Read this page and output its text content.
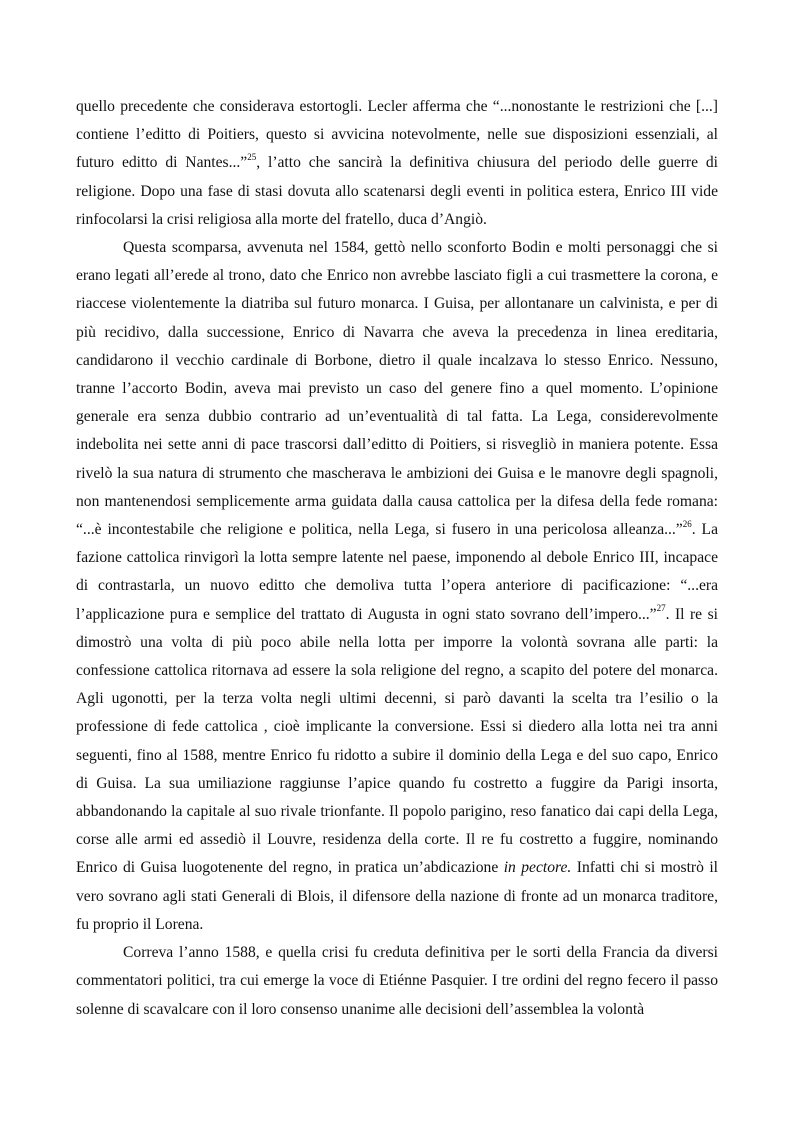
quello precedente che considerava estortogli. Lecler afferma che “...nonostante le restrizioni che [...] contiene l’editto di Poitiers, questo si avvicina notevolmente, nelle sue disposizioni essenziali, al futuro editto di Nantes...”$^{25}$, l’atto che sancirà la definitiva chiusura del periodo delle guerre di religione. Dopo una fase di stasi dovuta allo scatenarsi degli eventi in politica estera, Enrico III vide rinfocolarsi la crisi religiosa alla morte del fratello, duca d’Angiò.

Questa scomparsa, avvenuta nel 1584, gettò nello sconforto Bodin e molti personaggi che si erano legati all’erede al trono, dato che Enrico non avrebbe lasciato figli a cui trasmettere la corona, e riaccese violentemente la diatriba sul futuro monarca. I Guisa, per allontanare un calvinista, e per di più recidivo, dalla successione, Enrico di Navarra che aveva la precedenza in linea ereditaria, candidarono il vecchio cardinale di Borbone, dietro il quale incalzava lo stesso Enrico. Nessuno, tranne l’accorto Bodin, aveva mai previsto un caso del genere fino a quel momento. L’opinione generale era senza dubbio contrario ad un’eventualità di tal fatta. La Lega, considerevolmente indebolita nei sette anni di pace trascorsi dall’editto di Poitiers, si risvegliò in maniera potente. Essa rivelò la sua natura di strumento che mascherava le ambizioni dei Guisa e le manovre degli spagnoli, non mantenendosi semplicemente arma guidata dalla causa cattolica per la difesa della fede romana: “...è incontestabile che religione e politica, nella Lega, si fusero in una pericolosa alleanza...”$^{26}$. La fazione cattolica rinvigorì la lotta sempre latente nel paese, imponendo al debole Enrico III, incapace di contrastarla, un nuovo editto che demoliva tutta l’opera anteriore di pacificazione: “...era l’applicazione pura e semplice del trattato di Augusta in ogni stato sovrano dell’impero...”$^{27}$. Il re si dimostrò una volta di più poco abile nella lotta per imporre la volontà sovrana alle parti: la confessione cattolica ritornava ad essere la sola religione del regno, a scapito del potere del monarca. Agli ugonotti, per la terza volta negli ultimi decenni, si parò davanti la scelta tra l’esilio o la professione di fede cattolica , cioè implicante la conversione. Essi si diedero alla lotta nei tra anni seguenti, fino al 1588, mentre Enrico fu ridotto a subire il dominio della Lega e del suo capo, Enrico di Guisa. La sua umiliazione raggiunse l’apice quando fu costretto a fuggire da Parigi insorta, abbandonando la capitale al suo rivale trionfante. Il popolo parigino, reso fanatico dai capi della Lega, corse alle armi ed assediò il Louvre, residenza della corte. Il re fu costretto a fuggire, nominando Enrico di Guisa luogotenente del regno, in pratica un’abdicazione in pectore. Infatti chi si mostrò il vero sovrano agli stati Generali di Blois, il difensore della nazione di fronte ad un monarca traditore, fu proprio il Lorena.

Correva l’anno 1588, e quella crisi fu creduta definitiva per le sorti della Francia da diversi commentatori politici, tra cui emerge la voce di Etiénne Pasquier. I tre ordini del regno fecero il passo solenne di scavalcare con il loro consenso unanime alle decisioni dell’assemblea la volontà
